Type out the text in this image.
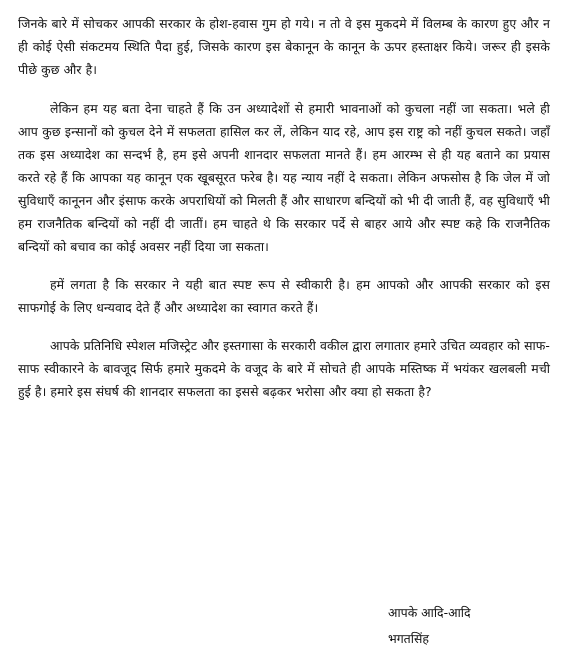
जिनके बारे में सोचकर आपकी सरकार के होश-हवास गुम हो गये। न तो वे इस मुकदमे में विलम्ब के कारण हुए और न ही कोई ऐसी संकटमय स्थिति पैदा हुई, जिसके कारण इस बेकानून के कानून के ऊपर हस्ताक्षर किये। जरूर ही इसके पीछे कुछ और है।

लेकिन हम यह बता देना चाहते हैं कि उन अध्यादेशों से हमारी भावनाओं को कुचला नहीं जा सकता। भले ही आप कुछ इन्सानों को कुचल देने में सफलता हासिल कर लें, लेकिन याद रहे, आप इस राष्ट्र को नहीं कुचल सकते। जहाँ तक इस अध्यादेश का सन्दर्भ है, हम इसे अपनी शानदार सफलता मानते हैं। हम आरम्भ से ही यह बताने का प्रयास करते रहे हैं कि आपका यह कानून एक खूबसूरत फरेब है। यह न्याय नहीं दे सकता। लेकिन अफसोस है कि जेल में जो सुविधाएँ कानूनन और इंसाफ करके अपराधियों को मिलती हैं और साधारण बन्दियों को भी दी जाती हैं, वह सुविधाएँ भी हम राजनैतिक बन्दियों को नहीं दी जातीं। हम चाहते थे कि सरकार पर्दे से बाहर आये और स्पष्ट कहे कि राजनैतिक बन्दियों को बचाव का कोई अवसर नहीं दिया जा सकता।

हमें लगता है कि सरकार ने यही बात स्पष्ट रूप से स्वीकारी है। हम आपको और आपकी सरकार को इस साफगोई के लिए धन्यवाद देते हैं और अध्यादेश का स्वागत करते हैं।

आपके प्रतिनिधि स्पेशल मजिस्ट्रेट और इस्तगासा के सरकारी वकील द्वारा लगातार हमारे उचित व्यवहार को साफ-साफ स्वीकारने के बावजूद सिर्फ हमारे मुकदमे के वजूद के बारे में सोचते ही आपके मस्तिष्क में भयंकर खलबली मची हुई है। हमारे इस संघर्ष की शानदार सफलता का इससे बढ़कर भरोसा और क्या हो सकता है?

आपके आदि-आदि
भगतसिंह
